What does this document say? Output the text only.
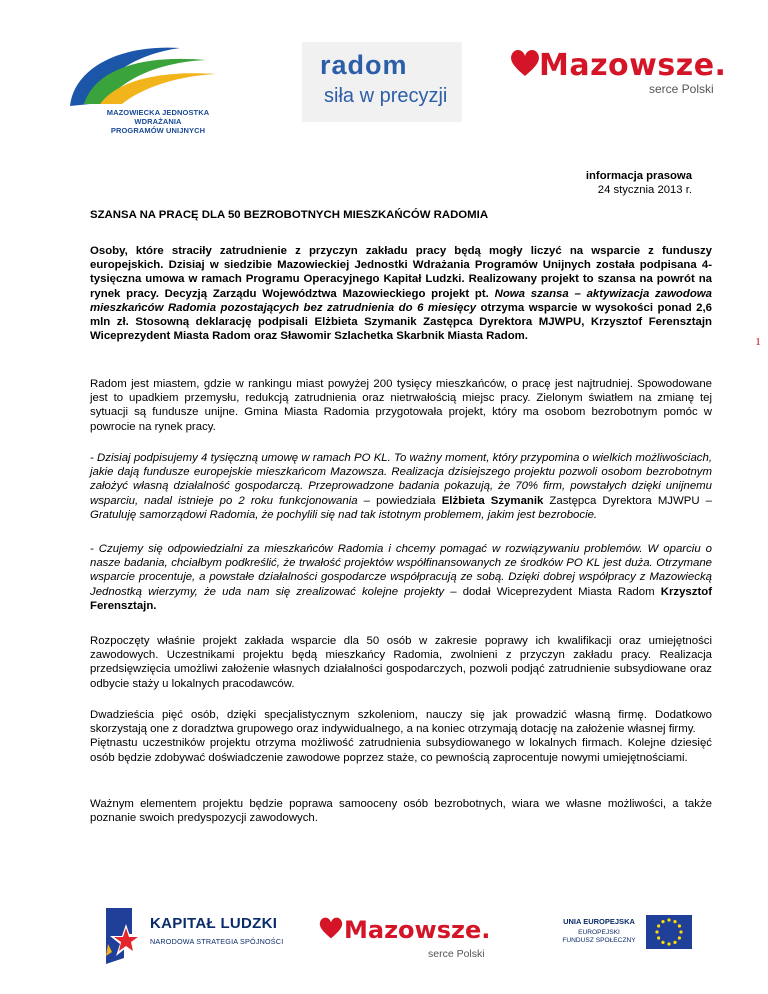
MAZOWIECKA JEDNOSTKA
WDRAŻANIA
PROGRAMÓW UNIJNYCH
radom
siła w precyzji
Mazowsze.
serce Polski
informacja prasowa
24 stycznia 2013 r.
SZANSA NA PRACĘ DLA 50 BEZROBOTNYCH MIESZKAŃCÓW RADOMIA
Osoby, które straciły zatrudnienie z przyczyn zakładu pracy będą mogły liczyć na wsparcie z funduszy europejskich. Dzisiaj w siedzibie Mazowieckiej Jednostki Wdrażania Programów Unijnych została podpisana 4-tysięczna umowa w ramach Programu Operacyjnego Kapitał Ludzki. Realizowany projekt to szansa na powrót na rynek pracy. Decyzją Zarządu Województwa Mazowieckiego projekt pt. Nowa szansa – aktywizacja zawodowa mieszkańców Radomia pozostających bez zatrudnienia do 6 miesięcy otrzyma wsparcie w wysokości ponad 2,6 mln zł. Stosowną deklarację podpisali Elżbieta Szymanik Zastępca Dyrektora MJWPU, Krzysztof Ferensztajn Wiceprezydent Miasta Radom oraz Sławomir Szlachetka Skarbnik Miasta Radom.	1
Radom jest miastem, gdzie w rankingu miast powyżej 200 tysięcy mieszkańców, o pracę jest najtrudniej. Spowodowane jest to upadkiem przemysłu, redukcją zatrudnienia oraz nietrwałością miejsc pracy. Zielonym światłem na zmianę tej sytuacji są fundusze unijne. Gmina Miasta Radomia przygotowała projekt, który ma osobom bezrobotnym pomóc w powrocie na rynek pracy.
- Dzisiaj podpisujemy 4 tysięczną umowę w ramach PO KL. To ważny moment, który przypomina o wielkich możliwościach, jakie dają fundusze europejskie mieszkańcom Mazowsza. Realizacja dzisiejszego projektu pozwoli osobom bezrobotnym założyć własną działalność gospodarczą. Przeprowadzone badania pokazują, że 70% firm, powstałych dzięki unijnemu wsparciu, nadal istnieje po 2 roku funkcjonowania – powiedziała Elżbieta Szymanik Zastępca Dyrektora MJWPU – Gratuluję samorządowi Radomia, że pochylili się nad tak istotnym problemem, jakim jest bezrobocie.
- Czujemy się odpowiedzialni za mieszkańców Radomia i chcemy pomagać w rozwiązywaniu problemów. W oparciu o nasze badania, chciałbym podkreślić, że trwałość projektów współfinansowanych ze środków PO KL jest duża. Otrzymane wsparcie procentuje, a powstałe działalności gospodarcze współpracują ze sobą. Dzięki dobrej współpracy z Mazowiecką Jednostką wierzymy, że uda nam się zrealizować kolejne projekty – dodał Wiceprezydent Miasta Radom Krzysztof Ferensztajn.
Rozpoczęty właśnie projekt zakłada wsparcie dla 50 osób w zakresie poprawy ich kwalifikacji oraz umiejętności zawodowych. Uczestnikami projektu będą mieszkańcy Radomia, zwolnieni z przyczyn zakładu pracy. Realizacja przedsięwzięcia umożliwi założenie własnych działalności gospodarczych, pozwoli podjąć zatrudnienie subsydiowane oraz odbycie staży u lokalnych pracodawców.
Dwadzieścia pięć osób, dzięki specjalistycznym szkoleniom, nauczy się jak prowadzić własną firmę. Dodatkowo skorzystają one z doradztwa grupowego oraz indywidualnego, a na koniec otrzymają dotację na założenie własnej firmy.
Piętnastu uczestników projektu otrzyma możliwość zatrudnienia subsydiowanego w lokalnych firmach. Kolejne dziesięć osób będzie zdobywać doświadczenie zawodowe poprzez staże, co pewnością zaprocentuje nowymi umiejętnościami.
Ważnym elementem projektu będzie poprawa samooceny osób bezrobotnych, wiara we własne możliwości, a także poznanie swoich predyspozycji zawodowych.
KAPITAŁ LUDZKI
NARODOWA STRATEGIA SPÓJNOŚCI	Mazowsze.
serce Polski
UNIA EUROPEJSKA
EUROPEJSKI
FUNDUSZ SPOŁECZNY
